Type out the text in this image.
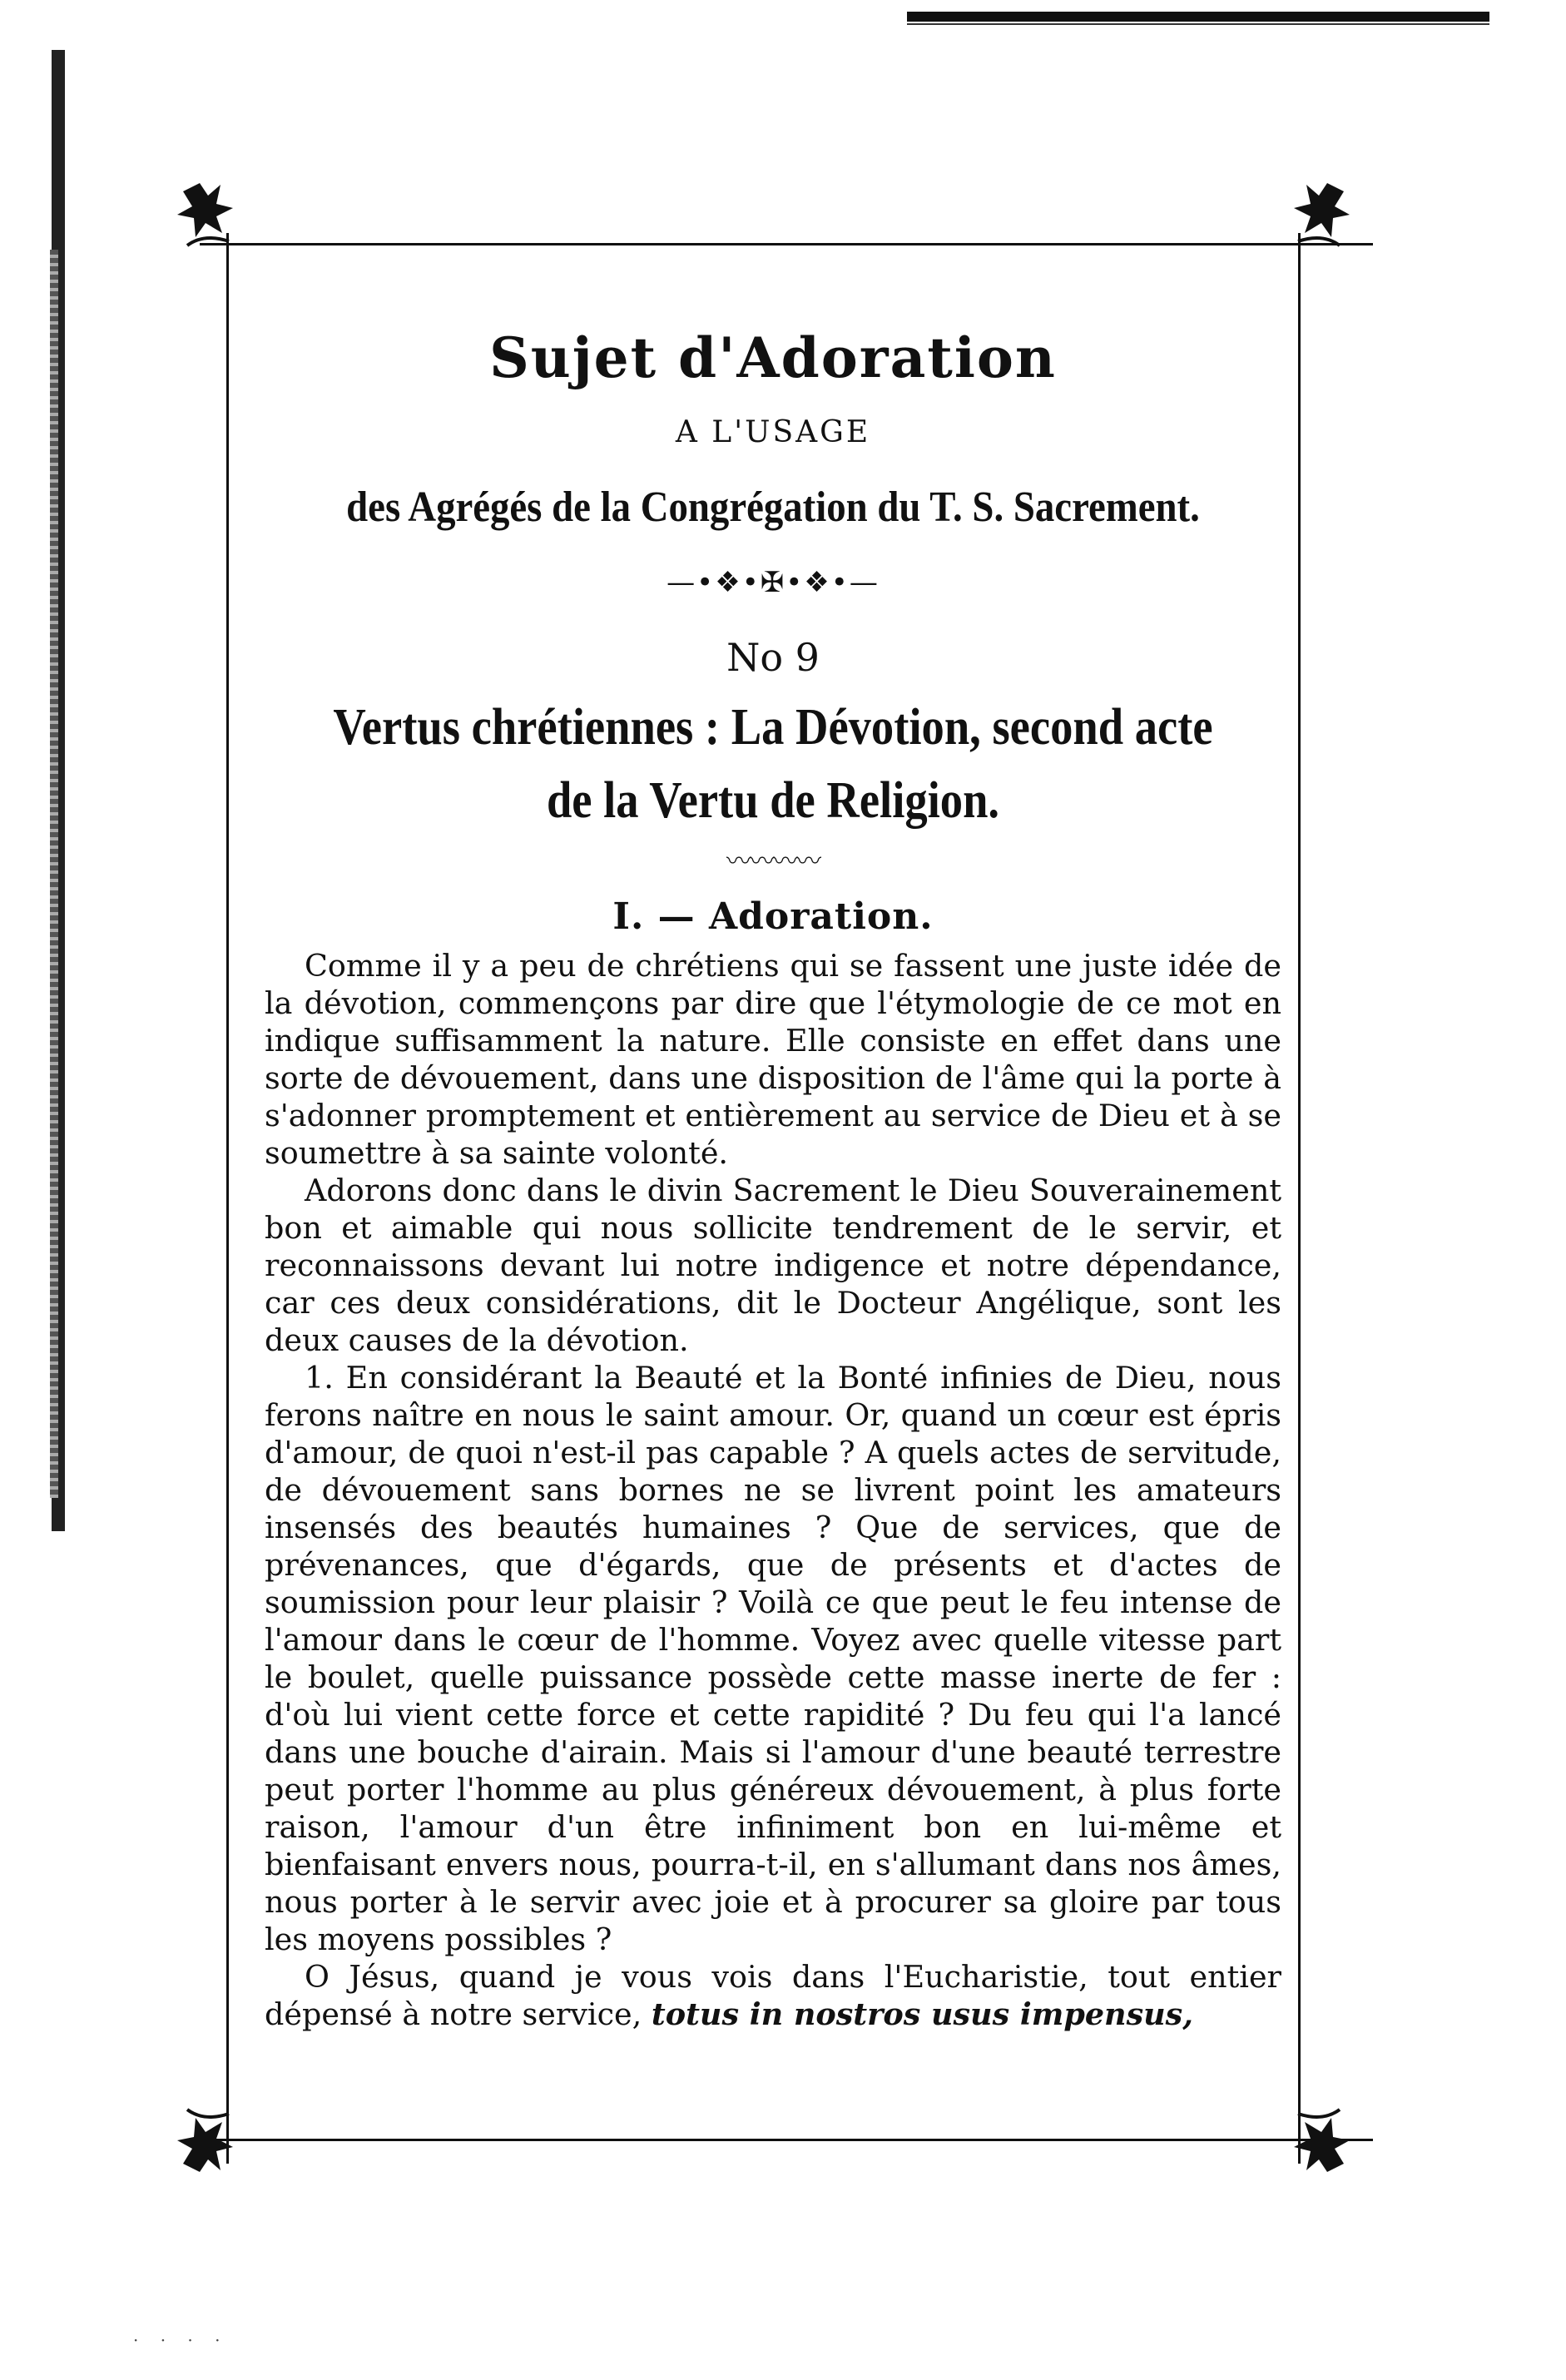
Sujet d'Adoration
A L'USAGE
des Agrégés de la Congrégation du T. S. Sacrement.
—•❖•✠•❖•—
No 9
Vertus chrétiennes : La Dévotion, second acte
de la Vertu de Religion.
〰〰〰〰
I. — Adoration.

Comme il y a peu de chrétiens qui se fassent une juste idée de la dévotion, commençons par dire que l'étymologie de ce mot en indique suffisamment la nature. Elle consiste en effet dans une sorte de dévouement, dans une disposition de l'âme qui la porte à s'adonner promptement et entièrement au service de Dieu et à se soumettre à sa sainte volonté.

Adorons donc dans le divin Sacrement le Dieu Souverainement bon et aimable qui nous sollicite tendrement de le servir, et reconnaissons devant lui notre indigence et notre dépendance, car ces deux considérations, dit le Docteur Angélique, sont les deux causes de la dévotion.

1. En considérant la Beauté et la Bonté infinies de Dieu, nous ferons naître en nous le saint amour. Or, quand un cœur est épris d'amour, de quoi n'est-il pas capable ? A quels actes de servitude, de dévouement sans bornes ne se livrent point les amateurs insensés des beautés humaines ? Que de services, que de prévenances, que d'égards, que de présents et d'actes de soumission pour leur plaisir ? Voilà ce que peut le feu intense de l'amour dans le cœur de l'homme. Voyez avec quelle vitesse part le boulet, quelle puissance possède cette masse inerte de fer : d'où lui vient cette force et cette rapidité ? Du feu qui l'a lancé dans une bouche d'airain. Mais si l'amour d'une beauté terrestre peut porter l'homme au plus généreux dévouement, à plus forte raison, l'amour d'un être infiniment bon en lui-même et bienfaisant envers nous, pourra-t-il, en s'allumant dans nos âmes, nous porter à le servir avec joie et à procurer sa gloire par tous les moyens possibles ?

O Jésus, quand je vous vois dans l'Eucharistie, tout entier dépensé à notre service, totus in nostros usus impensus,

· · · ·
